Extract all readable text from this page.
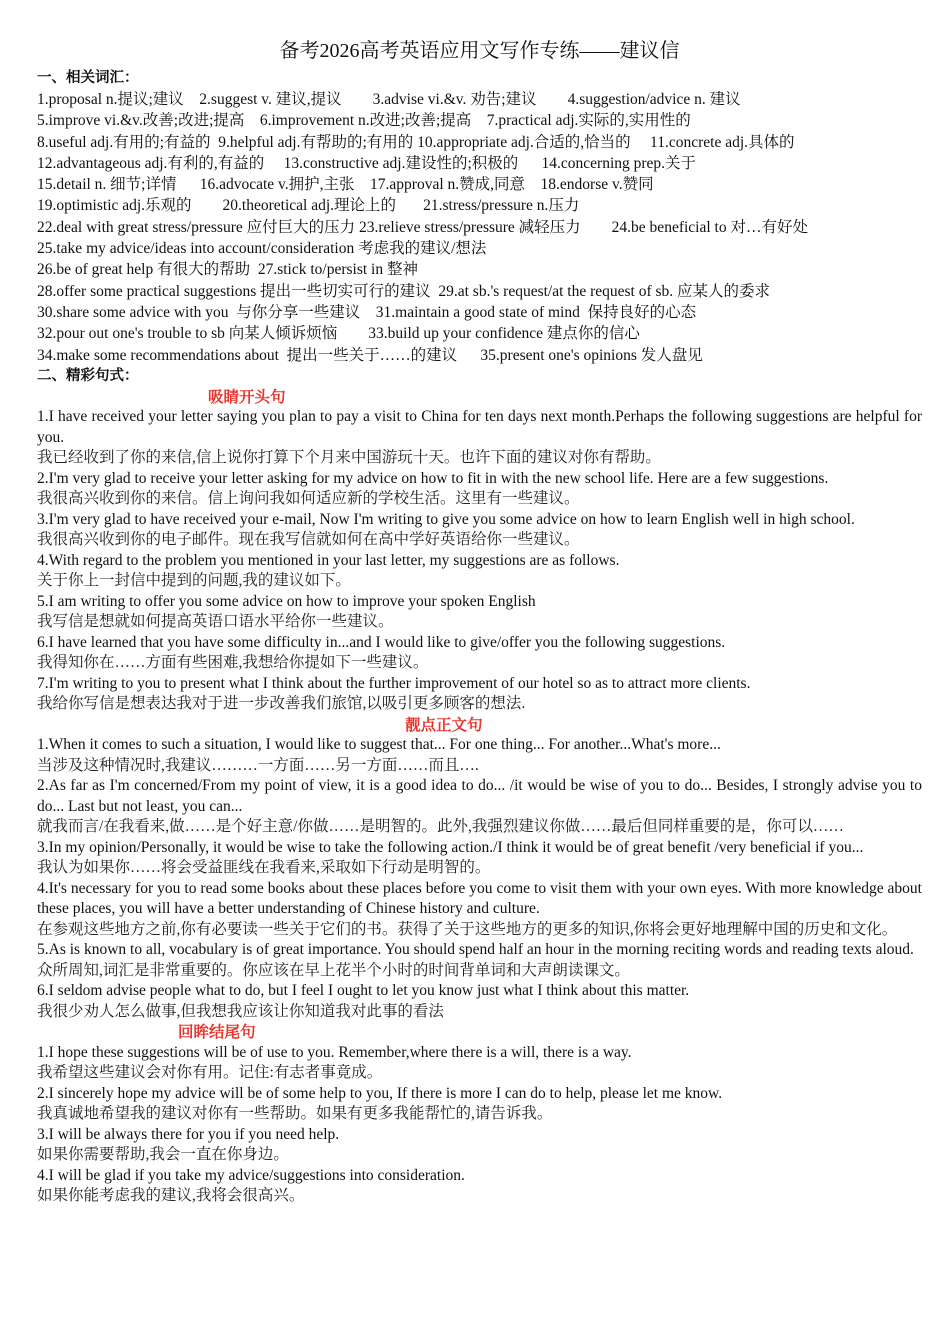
备考2026高考英语应用文写作专练——建议信
一、相关词汇：
1.proposal n.提议;建议    2.suggest v. 建议,提议        3.advise vi.&v. 劝告;建议        4.suggestion/advice n. 建议
5.improve vi.&v.改善;改进;提高    6.improvement n.改进;改善;提高    7.practical adj.实际的,实用性的
8.useful adj.有用的;有益的  9.helpful adj.有帮助的;有用的 10.appropriate adj.合适的,恰当的     11.concrete adj.具体的
12.advantageous adj.有利的,有益的     13.constructive adj.建设性的;积极的      14.concerning prep.关于
15.detail n. 细节;详情      16.advocate v.拥护,主张    17.approval n.赞成,同意    18.endorse v.赞同
19.optimistic adj.乐观的        20.theoretical adj.理论上的       21.stress/pressure n.压力
22.deal with great stress/pressure 应付巨大的压力 23.relieve stress/pressure 减轻压力        24.be beneficial to 对…有好处
25.take my advice/ideas into account/consideration 考虑我的建议/想法
26.be of great help 有很大的帮助  27.stick to/persist in 整神
28.offer some practical suggestions 提出一些切实可行的建议  29.at sb.'s request/at the request of sb. 应某人的委求
30.share some advice with you  与你分享一些建议    31.maintain a good state of mind  保持良好的心态
32.pour out one's trouble to sb 向某人倾诉烦恼        33.build up your confidence 建点你的信心
34.make some recommendations about  提出一些关于……的建议      35.present one's opinions 发人盘见
二、精彩句式：
吸睛开头句
1.I have received your letter saying you plan to pay a visit to China for ten days next month.Perhaps the following suggestions are helpful for you.
我已经收到了你的来信,信上说你打算下个月来中国游玩十天。也许下面的建议对你有帮助。
2.I'm very glad to receive your letter asking for my advice on how to fit in with the new school life. Here are a few suggestions.
我很高兴收到你的来信。信上询问我如何适应新的学校生活。这里有一些建议。
3.I'm very glad to have received your e-mail, Now I'm writing to give you some advice on how to learn English well in high school.
我很高兴收到你的电子邮件。现在我写信就如何在高中学好英语给你一些建议。
4.With regard to the problem you mentioned in your last letter, my suggestions are as follows.
关于你上一封信中提到的问题,我的建议如下。
5.I am writing to offer you some advice on how to improve your spoken English
我写信是想就如何提高英语口语水平给你一些建议。
6.I have learned that you have some difficulty in...and I would like to give/offer you the following suggestions.
我得知你在……方面有些困难,我想给你提如下一些建议。
7.I'm writing to you to present what I think about the further improvement of our hotel so as to attract more clients.
我给你写信是想表达我对于进一步改善我们旅馆,以吸引更多顾客的想法.
靓点正文句
1.When it comes to such a situation, I would like to suggest that... For one thing... For another...What's more...
当涉及这种情况时,我建议………一方面……另一方面……而且….
2.As far as I'm concerned/From my point of view, it is a good idea to do... /it would be wise of you to do... Besides, I strongly advise you to do... Last but not least, you can...
就我而言/在我看来,做……是个好主意/你做……是明智的。此外,我强烈建议你做……最后但同样重要的是，你可以……
3.In my opinion/Personally, it would be wise to take the following action./I think it would be of great benefit /very beneficial if you...
我认为如果你……将会受益匪线在我看来,采取如下行动是明智的。
4.It's necessary for you to read some books about these places before you come to visit them with your own eyes. With more knowledge about these places, you will have a better understanding of Chinese history and culture.
在参观这些地方之前,你有必要读一些关于它们的书。获得了关于这些地方的更多的知识,你将会更好地理解中国的历史和文化。
5.As is known to all, vocabulary is of great importance. You should spend half an hour in the morning reciting words and reading texts aloud.
众所周知,词汇是非常重要的。你应该在早上花半个小时的时间背单词和大声朗读课文。
6.I seldom advise people what to do, but I feel I ought to let you know just what I think about this matter.
我很少劝人怎么做事,但我想我应该让你知道我对此事的看法
回眸结尾句
1.I hope these suggestions will be of use to you. Remember,where there is a will, there is a way.
我希望这些建议会对你有用。记住:有志者事竟成。
2.I sincerely hope my advice will be of some help to you, If there is more I can do to help, please let me know.
我真诚地希望我的建议对你有一些帮助。如果有更多我能帮忙的,请告诉我。
3.I will be always there for you if you need help.
如果你需要帮助,我会一直在你身边。
4.I will be glad if you take my advice/suggestions into consideration.
如果你能考虑我的建议,我将会很高兴。
